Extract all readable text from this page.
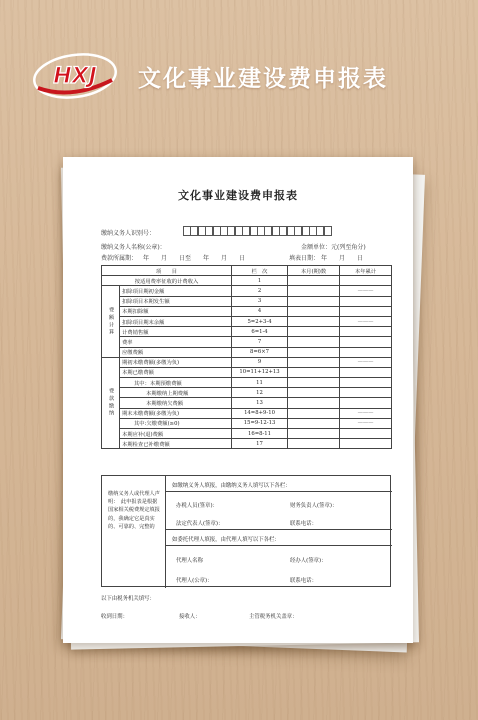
HXJ 文化事业建设费申报表
文化事业建设费申报表
缴纳义务人识别号：
缴纳义务人名称(公章)：	金额单位：元(列至角分)
费款所属期： 年　　月　　日至　　年　　月　　日	填表日期： 年　　月　　日
项　　目		栏　次	本月(期)数	本年累计
按适用费率征收的计费收入		1		
费额计算	扣除项目期初金额	2		———
	扣除项目本期发生额	3		
	本期扣除额	4		
	扣除项目期末余额	5=2+3-4		———
	计费销售额	6=1-4		
	费率	7		
	应缴费额	8=6×7		
费款缴纳	期初未缴费额(多缴为负)	9		———
	本期已缴费额	10=11+12+13		
	其中：本期预缴费额	11		
	本期缴纳上期费额	12		
	本期缴纳欠费额	13		
	期末未缴费额(多缴为负)	14=8+9-10		———
	其中:欠缴费额(≥0)	15=9-12-13		———
	本期应补(退)费额	16=8-11		
	本期检查已补缴费额	17		
缴纳义务人或代理人声明：　此申报表是根据国家相关税费规定填报的，我确定它是真实的、可靠的、完整的
如缴纳义务人填报，由缴纳义务人填写以下各栏：
办税人员(签章)：	财务负责人(签章)：
法定代表人(签章)：	联系电话：
如委托代理人填报，由代理人填写以下各栏：
代理人名称	经办人(签章)：
代理人(公章)：	联系电话：
以下由税务机关填写：
收到日期：	接收人：	主管税务机关盖章：
